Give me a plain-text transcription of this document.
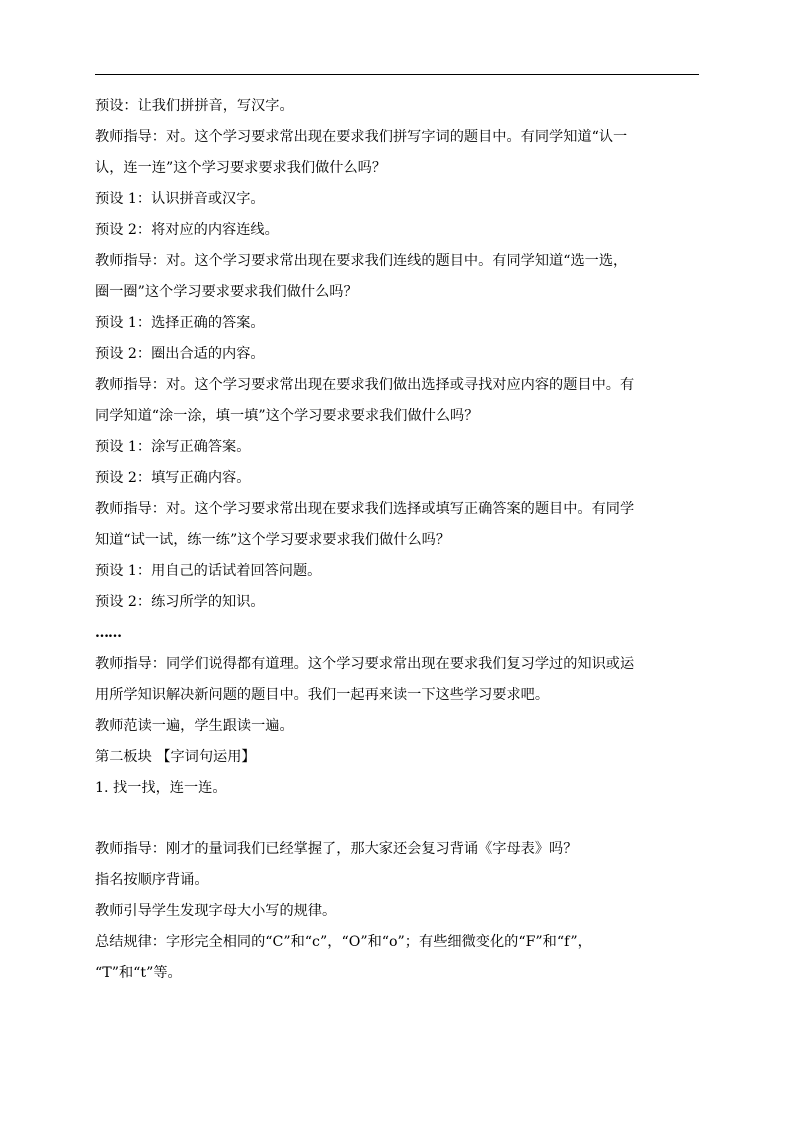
预设：让我们拼拼音，写汉字。

教师指导：对。这个学习要求常出现在要求我们拼写字词的题目中。有同学知道“认一

认，连一连”这个学习要求要求我们做什么吗？

预设 1：认识拼音或汉字。

预设 2：将对应的内容连线。

教师指导：对。这个学习要求常出现在要求我们连线的题目中。有同学知道“选一选，

圈一圈”这个学习要求要求我们做什么吗？

预设 1：选择正确的答案。

预设 2：圈出合适的内容。

教师指导：对。这个学习要求常出现在要求我们做出选择或寻找对应内容的题目中。有

同学知道“涂一涂，填一填”这个学习要求要求我们做什么吗？

预设 1：涂写正确答案。

预设 2：填写正确内容。

教师指导：对。这个学习要求常出现在要求我们选择或填写正确答案的题目中。有同学

知道“试一试，练一练”这个学习要求要求我们做什么吗？

预设 1：用自己的话试着回答问题。

预设 2：练习所学的知识。

……

教师指导：同学们说得都有道理。这个学习要求常出现在要求我们复习学过的知识或运

用所学知识解决新问题的题目中。我们一起再来读一下这些学习要求吧。

教师范读一遍，学生跟读一遍。

第二板块 【字词句运用】

1. 找一找，连一连。

教师指导：刚才的量词我们已经掌握了，那大家还会复习背诵《字母表》吗？

指名按顺序背诵。

教师引导学生发现字母大小写的规律。

总结规律：字形完全相同的“C”和“c”，“O”和“o”；有些细微变化的“F”和“f”，

“T”和“t”等。
